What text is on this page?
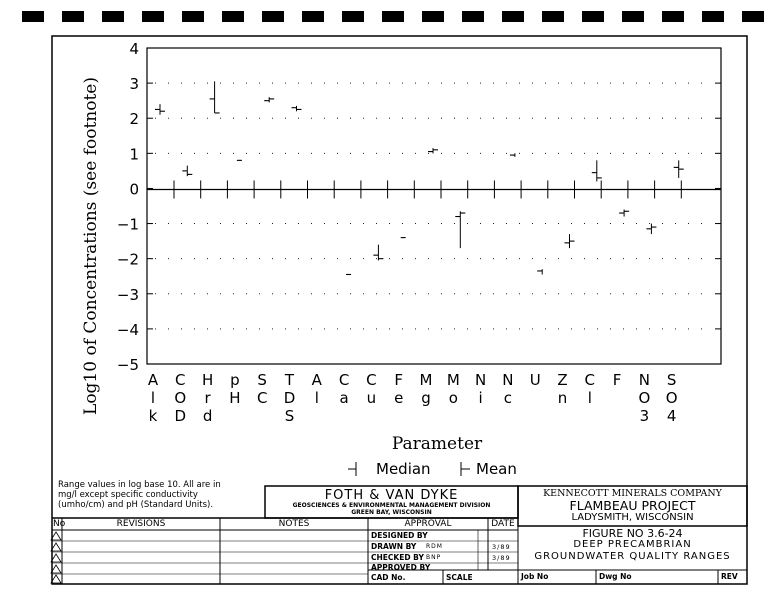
4
3
2
1
0
−1
−2
−3
−4
−5
A
l
k
C
O
D
H
r
d
p
H
S
C
T
D
S
A
l
C
a
C
u
F
e
M
g
M
o
N
i
N
c
U Z
n
C
l
F N
O
3
S
O
4
Log10 of Concentrations (see footnote)
Parameter
Median	Mean
Range values in log base 10. All are in
mg/l except specific conductivity
(umho/cm) and pH (Standard Units).
FOTH & VAN DYKE
GEOSCIENCES & ENVIRONMENTAL MANAGEMENT DIVISION
GREEN BAY, WISCONSIN
KENNECOTT MINERALS COMPANY
FLAMBEAU PROJECT
LADYSMITH, WISCONSIN
FIGURE NO 3.6-24
DEEP PRECAMBRIAN
GROUNDWATER QUALITY RANGES
No	REVISIONS	NOTES	APPROVAL	DATE
DESIGNED BY
DRAWN BY RDM	3/89
CHECKED BY BNP	3/89
APPROVED BY
CAD No.	SCALE	Job No	Dwg No	REV
